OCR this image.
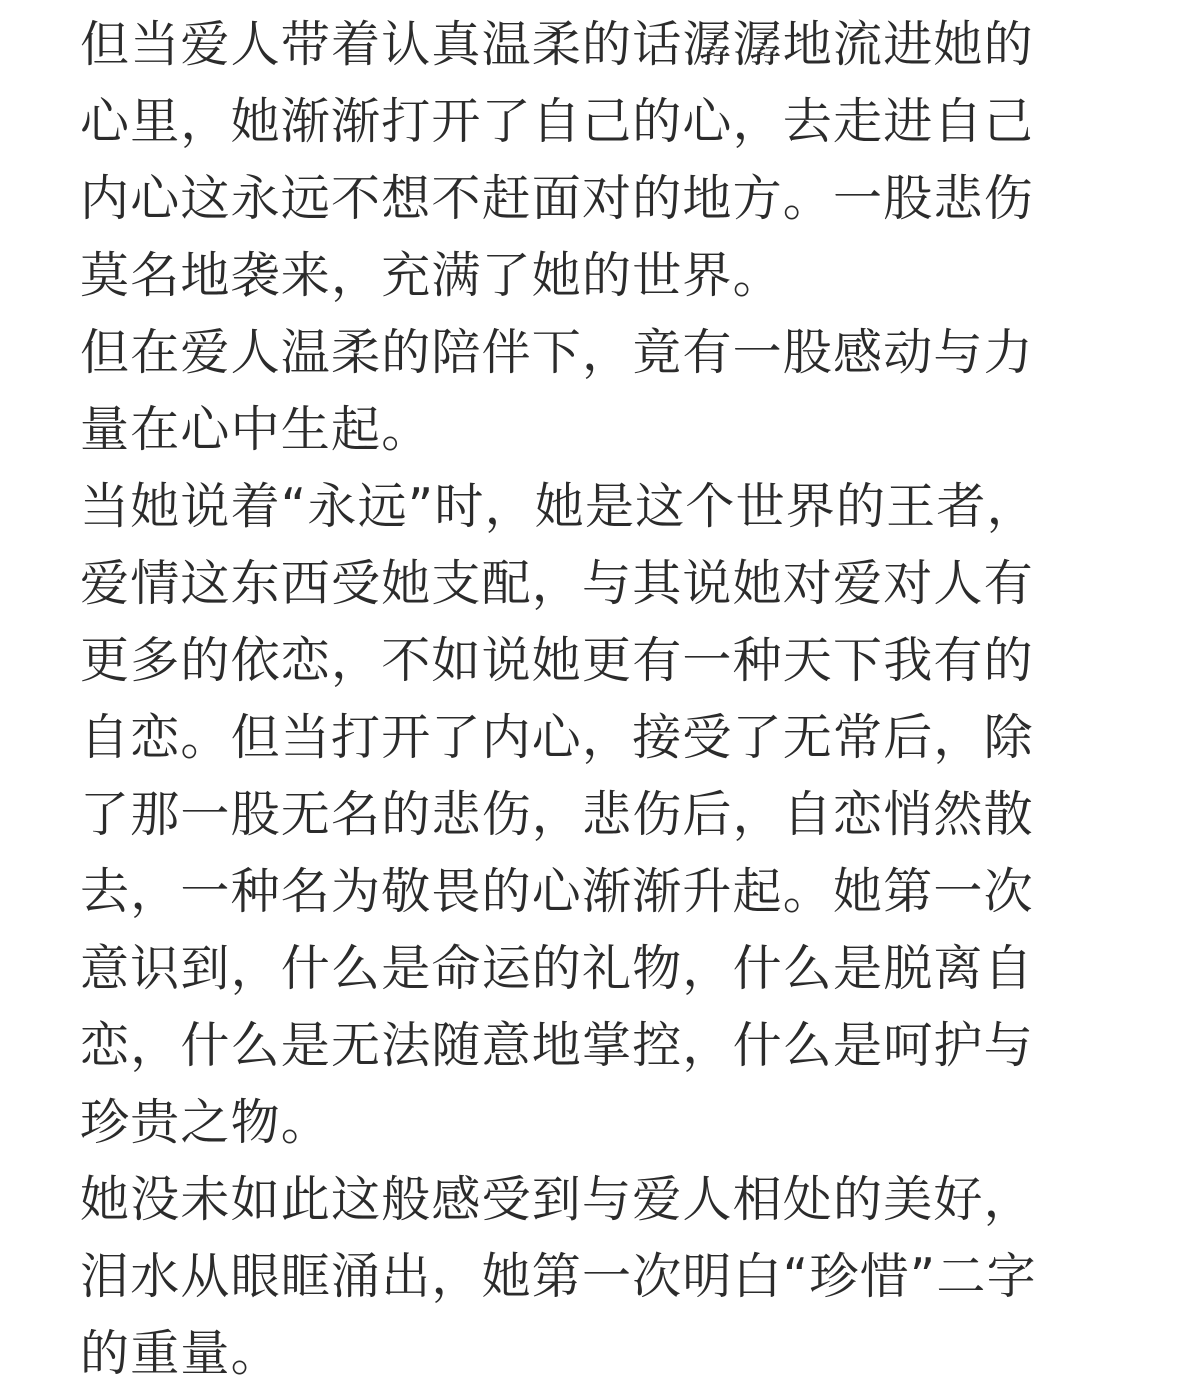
但当爱人带着认真温柔的话潺潺地流进她的
心里，她渐渐打开了自己的心，去走进自己
内心这永远不想不赶面对的地方。一股悲伤
莫名地袭来，充满了她的世界。
但在爱人温柔的陪伴下，竟有一股感动与力
量在心中生起。
当她说着“永远”时，她是这个世界的王者，
爱情这东西受她支配，与其说她对爱对人有
更多的依恋，不如说她更有一种天下我有的
自恋。但当打开了内心，接受了无常后，除
了那一股无名的悲伤，悲伤后，自恋悄然散
去，一种名为敬畏的心渐渐升起。她第一次
意识到，什么是命运的礼物，什么是脱离自
恋，什么是无法随意地掌控，什么是呵护与
珍贵之物。
她没未如此这般感受到与爱人相处的美好，
泪水从眼眶涌出，她第一次明白“珍惜”二字
的重量。
